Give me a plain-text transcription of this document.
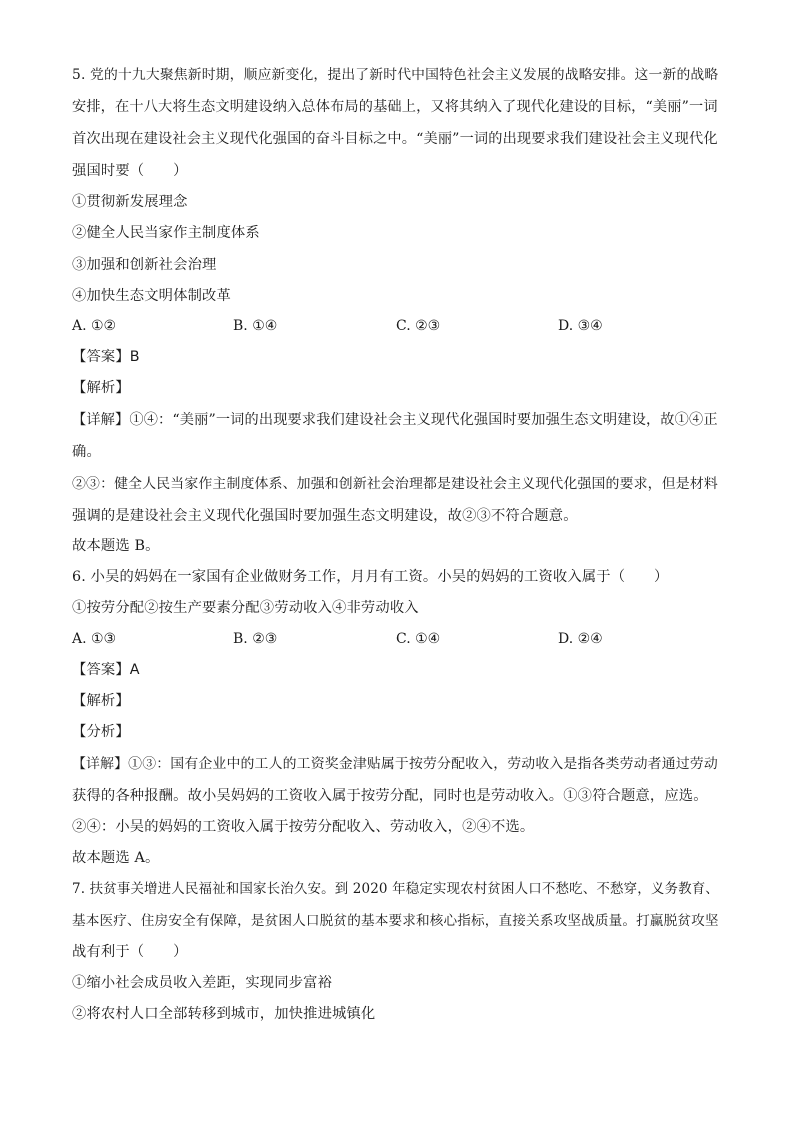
5. 党的十九大聚焦新时期，顺应新变化，提出了新时代中国特色社会主义发展的战略安排。这一新的战略
安排，在十八大将生态文明建设纳入总体布局的基础上，又将其纳入了现代化建设的目标，“美丽”一词
首次出现在建设社会主义现代化强国的奋斗目标之中。“美丽”一词的出现要求我们建设社会主义现代化
强国时要（　　）
①贯彻新发展理念
②健全人民当家作主制度体系
③加强和创新社会治理
④加快生态文明体制改革
A. ①②	B. ①④	C. ②③	D. ③④
【答案】B
【解析】
【详解】①④：“美丽”一词的出现要求我们建设社会主义现代化强国时要加强生态文明建设，故①④正
确。
②③：健全人民当家作主制度体系、加强和创新社会治理都是建设社会主义现代化强国的要求，但是材料
强调的是建设社会主义现代化强国时要加强生态文明建设，故②③不符合题意。
故本题选 B。
6. 小吴的妈妈在一家国有企业做财务工作，月月有工资。小吴的妈妈的工资收入属于（　　）
①按劳分配②按生产要素分配③劳动收入④非劳动收入
A. ①③	B. ②③	C. ①④	D. ②④
【答案】A
【解析】
【分析】
【详解】①③：国有企业中的工人的工资奖金津贴属于按劳分配收入，劳动收入是指各类劳动者通过劳动
获得的各种报酬。故小吴妈妈的工资收入属于按劳分配，同时也是劳动收入。①③符合题意，应选。
②④：小吴的妈妈的工资收入属于按劳分配收入、劳动收入，②④不选。
故本题选 A。
7. 扶贫事关增进人民福祉和国家长治久安。到 2020 年稳定实现农村贫困人口不愁吃、不愁穿，义务教育、
基本医疗、住房安全有保障，是贫困人口脱贫的基本要求和核心指标，直接关系攻坚战质量。打赢脱贫攻坚
战有利于（　　）
①缩小社会成员收入差距，实现同步富裕
②将农村人口全部转移到城市，加快推进城镇化
